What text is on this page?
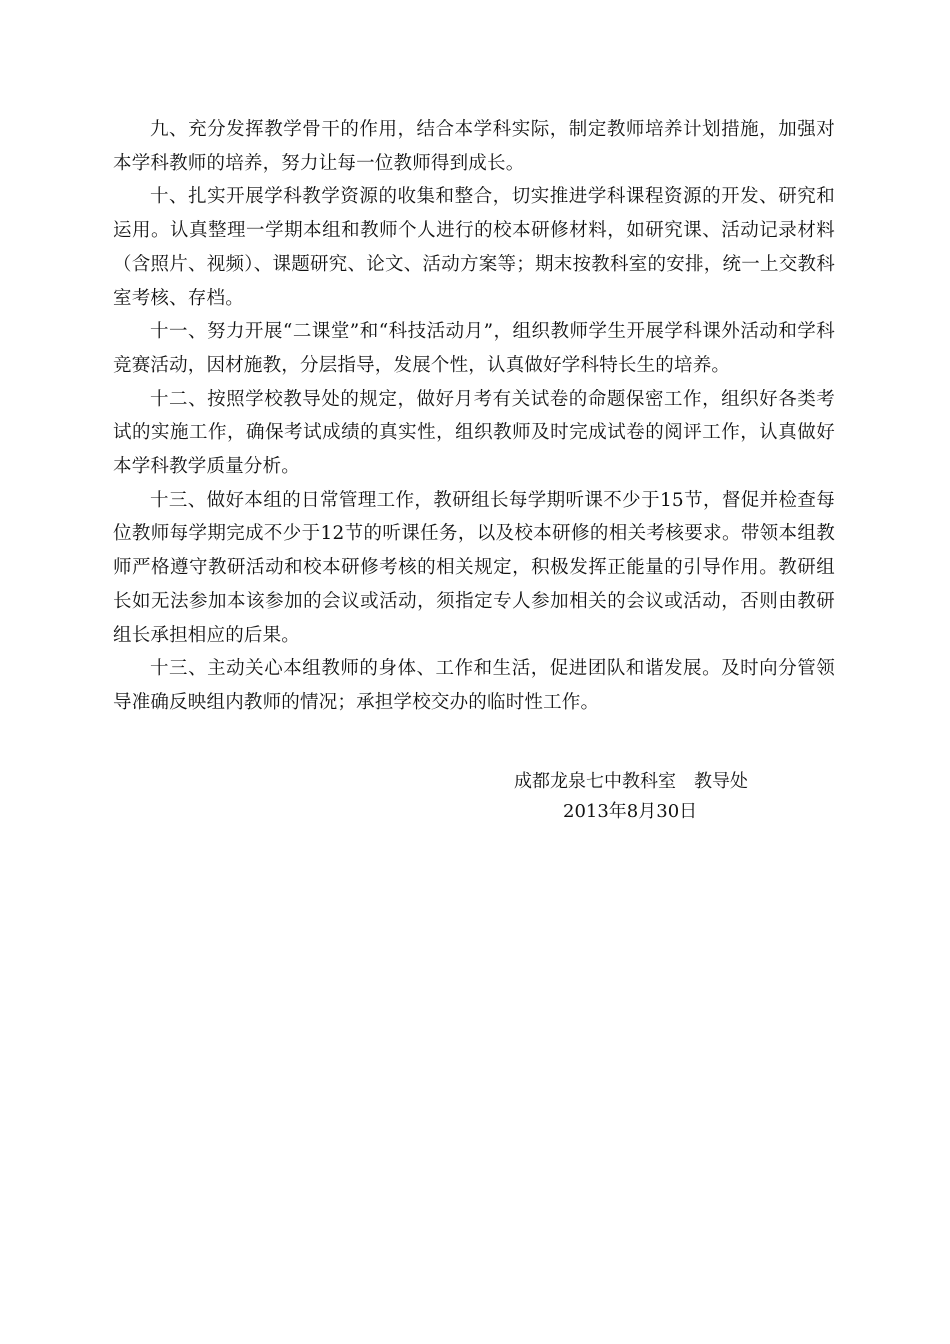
九、充分发挥教学骨干的作用，结合本学科实际，制定教师培养计划措施，加强对本学科教师的培养，努力让每一位教师得到成长。

十、扎实开展学科教学资源的收集和整合，切实推进学科课程资源的开发、研究和运用。认真整理一学期本组和教师个人进行的校本研修材料，如研究课、活动记录材料（含照片、视频）、课题研究、论文、活动方案等；期末按教科室的安排，统一上交教科室考核、存档。

十一、努力开展“二课堂”和“科技活动月”，组织教师学生开展学科课外活动和学科竞赛活动，因材施教，分层指导，发展个性，认真做好学科特长生的培养。

十二、按照学校教导处的规定，做好月考有关试卷的命题保密工作，组织好各类考试的实施工作，确保考试成绩的真实性，组织教师及时完成试卷的阅评工作，认真做好本学科教学质量分析。

十三、做好本组的日常管理工作，教研组长每学期听课不少于15节，督促并检查每位教师每学期完成不少于12节的听课任务，以及校本研修的相关考核要求。带领本组教师严格遵守教研活动和校本研修考核的相关规定，积极发挥正能量的引导作用。教研组长如无法参加本该参加的会议或活动，须指定专人参加相关的会议或活动，否则由教研组长承担相应的后果。

十三、主动关心本组教师的身体、工作和生活，促进团队和谐发展。及时向分管领导准确反映组内教师的情况；承担学校交办的临时性工作。

成都龙泉七中教科室　教导处
2013年8月30日
